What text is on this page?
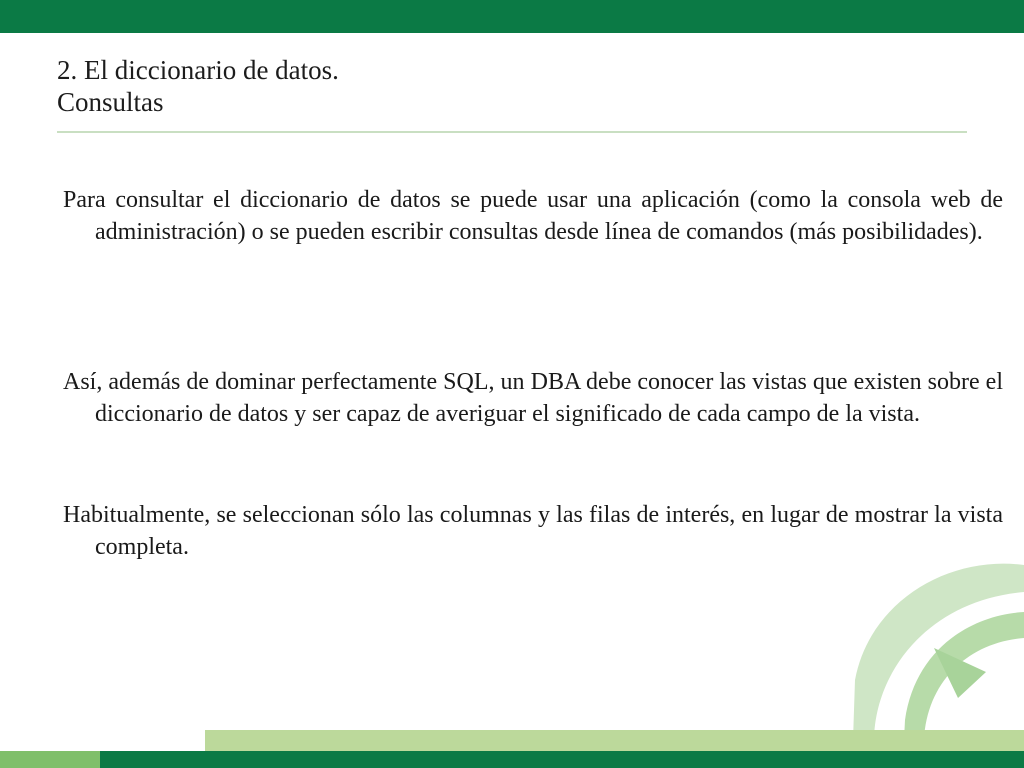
2. El diccionario de datos.
Consultas

Para consultar el diccionario de datos se puede usar una aplicación (como la consola web de administración) o se pueden escribir consultas desde línea de comandos (más posibilidades).

Así, además de dominar perfectamente SQL, un DBA debe conocer las vistas que existen sobre el diccionario de datos y ser capaz de averiguar el significado de cada campo de la vista.

Habitualmente, se seleccionan sólo las columnas y las filas de interés, en lugar de mostrar la vista completa.
